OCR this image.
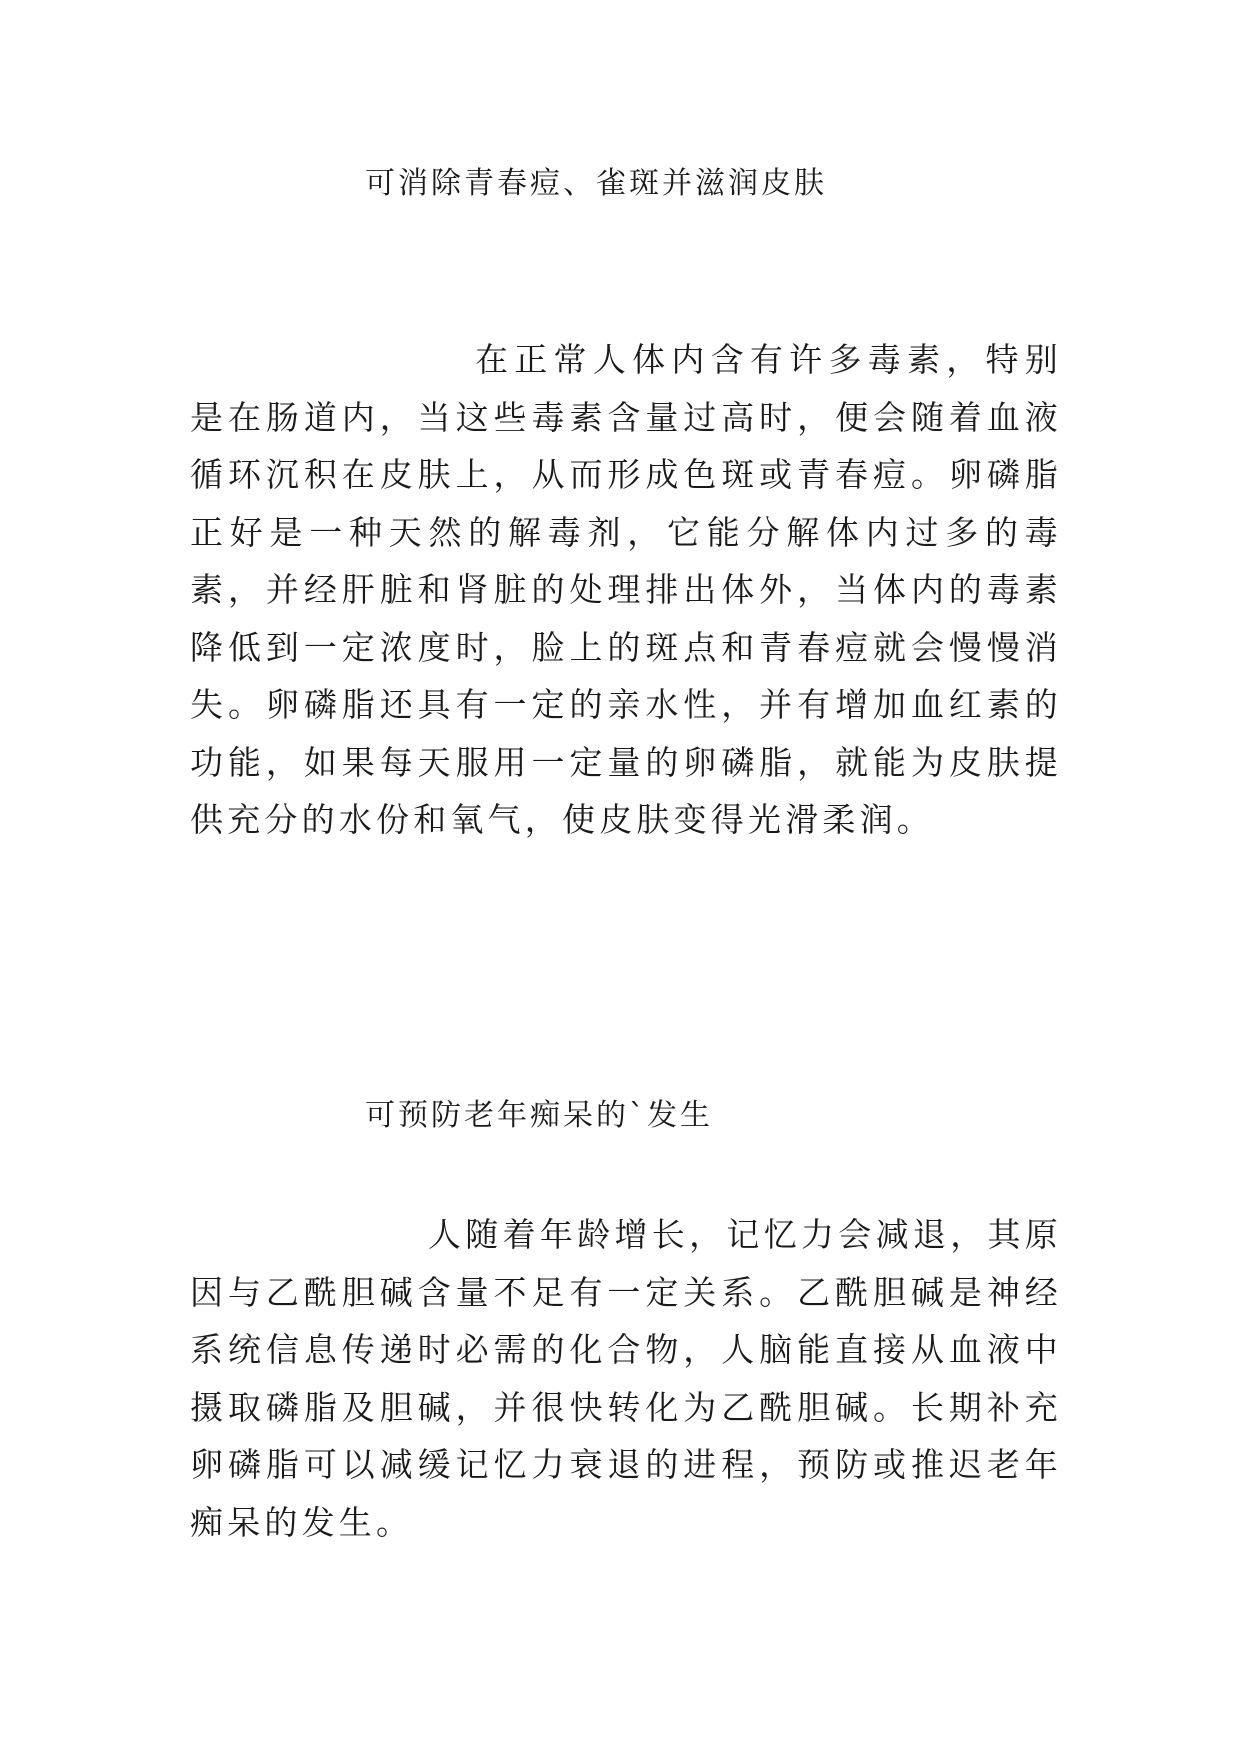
可消除青春痘、雀斑并滋润皮肤
在正常人体内含有许多毒素，特别是在肠道内，当这些毒素含量过高时，便会随着血液循环沉积在皮肤上，从而形成色斑或青春痘。卵磷脂正好是一种天然的解毒剂，它能分解体内过多的毒素，并经肝脏和肾脏的处理排出体外，当体内的毒素降低到一定浓度时，脸上的斑点和青春痘就会慢慢消失。卵磷脂还具有一定的亲水性，并有增加血红素的功能，如果每天服用一定量的卵磷脂，就能为皮肤提供充分的水份和氧气，使皮肤变得光滑柔润。
可预防老年痴呆的`发生
人随着年龄增长，记忆力会减退，其原因与乙酰胆碱含量不足有一定关系。乙酰胆碱是神经系统信息传递时必需的化合物，人脑能直接从血液中摄取磷脂及胆碱，并很快转化为乙酰胆碱。长期补充卵磷脂可以减缓记忆力衰退的进程，预防或推迟老年痴呆的发生。
